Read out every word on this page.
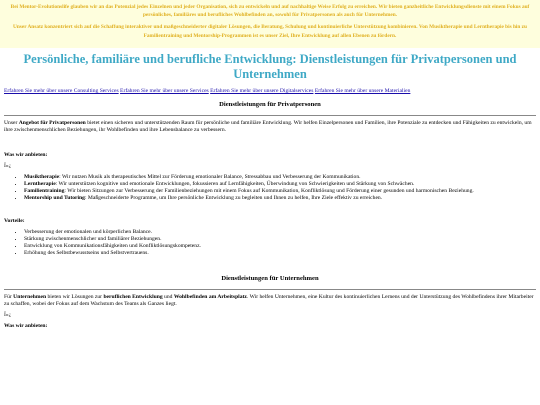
Bei Mentor-Evolutionslife glauben wir an das Potenzial jedes Einzelnen und jeder Organisation, sich zu entwickeln und auf nachhaltige Weise Erfolg zu erreichen. Wir bieten ganzheitliche Entwicklungsdienste mit einem Fokus auf persönliches, familiäres und berufliches Wohlbefinden an, sowohl für Privatpersonen als auch für Unternehmen.

Unser Ansatz konzentriert sich auf die Schaffung interaktiver und maßgeschneiderter digitaler Lösungen, die Beratung, Schulung und kontinuierliche Unterstützung kombinieren. Von Musiktherapie und Lerntherapie bis hin zu Familientraining und Mentorship-Programmen ist es unser Ziel, Ihre Entwicklung auf allen Ebenen zu fördern.

Persönliche, familiäre und berufliche Entwicklung: Dienstleistungen für Privatpersonen und Unternehmen
Erfahren Sie mehr über unsere Consulting Services Erfahren Sie mehr über unsere Services Erfahren Sie mehr über unsere Digitalservices Erfahren Sie mehr über unsere Materialien
Dienstleistungen für Privatpersonen

Unser Angebot für Privatpersonen bietet einen sicheren und unterstützenden Raum für persönliche und familiäre Entwicklung. Wir helfen Einzelpersonen und Familien, ihre Potenziale zu entdecken und Fähigkeiten zu entwickeln, um ihre zwischenmenschlichen Beziehungen, ihr Wohlbefinden und ihre Lebensbalance zu verbessern.

Was wir anbieten:

Ï»¿

• Musiktherapie: Wir nutzen Musik als therapeutisches Mittel zur Förderung emotionaler Balance, Stressabbau und Verbesserung der Kommunikation.
• Lerntherapie: Wir unterstützen kognitive und emotionale Entwicklungen, fokussieren auf Lernfähigkeiten, Überwindung von Schwierigkeiten und Stärkung von Schwächen.
• Familientraining: Wir bieten Sitzungen zur Verbesserung der Familienbeziehungen mit einem Fokus auf Kommunikation, Konfliktlösung und Förderung einer gesunden und harmonischen Beziehung.
• Mentorship und Tutoring: Maßgeschneiderte Programme, um Ihre persönliche Entwicklung zu begleiten und Ihnen zu helfen, Ihre Ziele effektiv zu erreichen.

Vorteile:

• Verbesserung der emotionalen und körperlichen Balance.
• Stärkung zwischenmenschlicher und familiärer Beziehungen.
• Entwicklung von Kommunikationsfähigkeiten und Konfliktlösungskompetenz.
• Erhöhung des Selbstbewusstseins und Selbstvertrauens.
Dienstleistungen für Unternehmen

Für Unternehmen bieten wir Lösungen zur beruflichen Entwicklung und Wohlbefinden am Arbeitsplatz. Wir helfen Unternehmen, eine Kultur des kontinuierlichen Lernens und der Unterstützung des Wohlbefindens ihrer Mitarbeiter zu schaffen, wobei der Fokus auf dem Wachstum des Teams als Ganzes liegt.

Ï»¿

Was wir anbieten:
